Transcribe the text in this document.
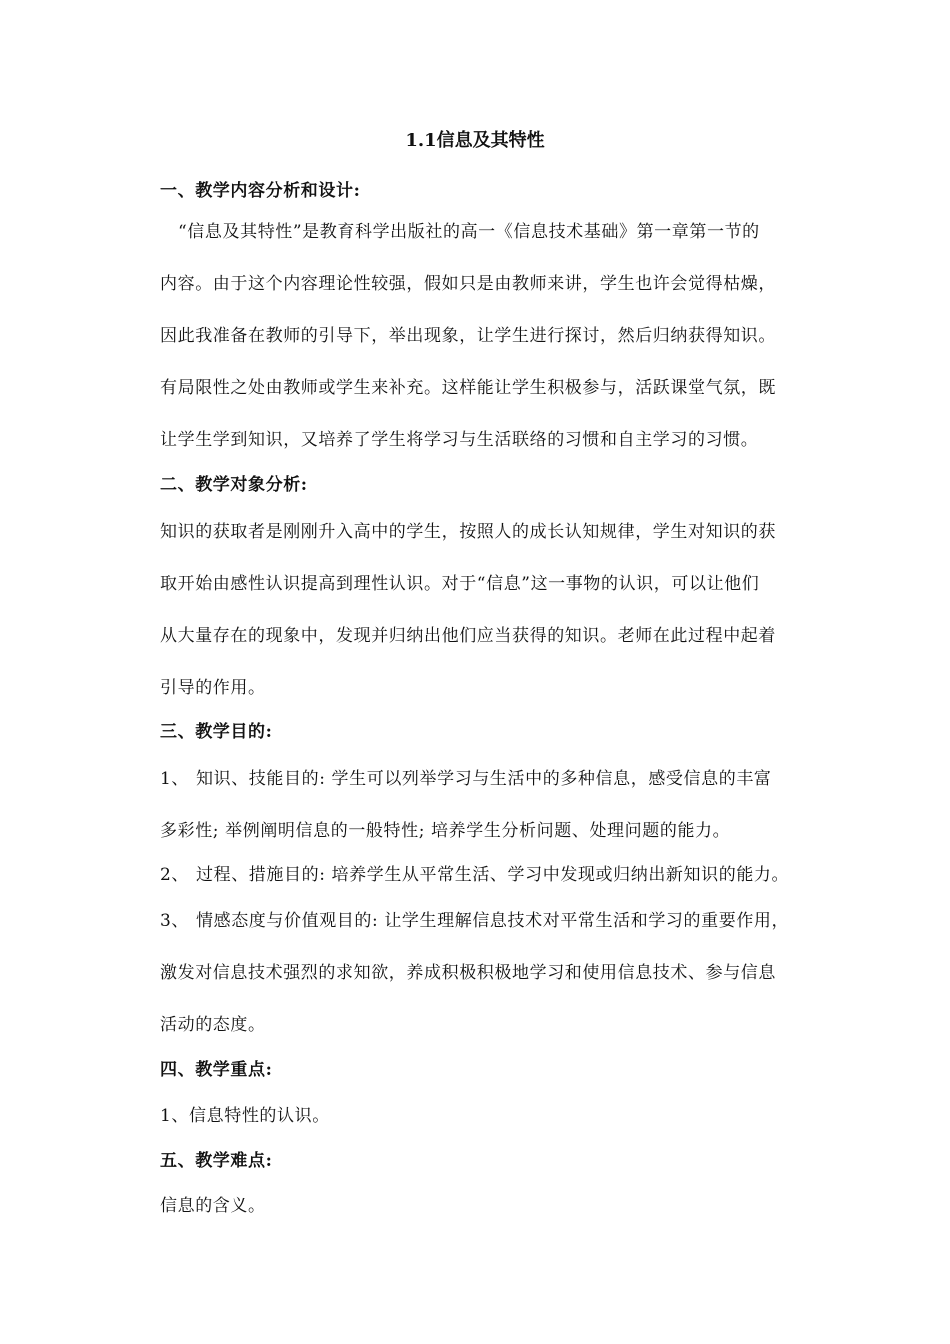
1.1信息及其特性
一、教学内容分析和设计:
“信息及其特性”是教育科学出版社的高一《信息技术基础》第一章第一节的
内容。由于这个内容理论性较强，假如只是由教师来讲，学生也许会觉得枯燥，
因此我准备在教师的引导下，举出现象，让学生进行探讨，然后归纳获得知识。
有局限性之处由教师或学生来补充。这样能让学生积极参与，活跃课堂气氛，既
让学生学到知识，又培养了学生将学习与生活联络的习惯和自主学习的习惯。
二、教学对象分析:
知识的获取者是刚刚升入高中的学生，按照人的成长认知规律，学生对知识的获
取开始由感性认识提高到理性认识。对于“信息”这一事物的认识，可以让他们
从大量存在的现象中，发现并归纳出他们应当获得的知识。老师在此过程中起着
引导的作用。
三、教学目的:
1、 知识、技能目的: 学生可以列举学习与生活中的多种信息，感受信息的丰富
多彩性; 举例阐明信息的一般特性; 培养学生分析问题、处理问题的能力。
2、 过程、措施目的: 培养学生从平常生活、学习中发现或归纳出新知识的能力。
3、 情感态度与价值观目的: 让学生理解信息技术对平常生活和学习的重要作用，
激发对信息技术强烈的求知欲，养成积极积极地学习和使用信息技术、参与信息
活动的态度。
四、教学重点:
1、信息特性的认识。
五、教学难点:
信息的含义。
